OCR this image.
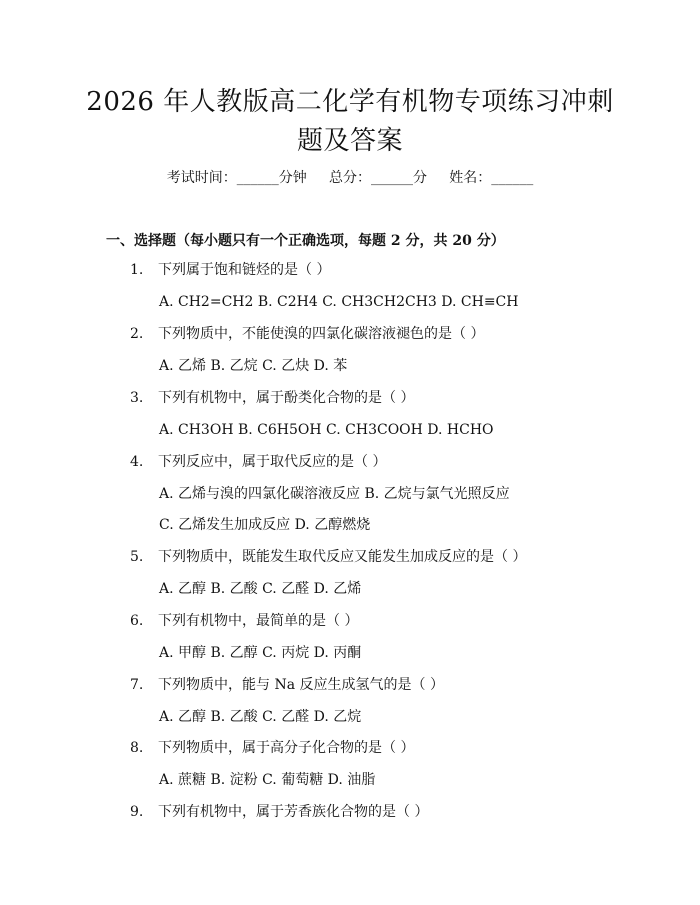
2026 年人教版高二化学有机物专项练习冲刺
题及答案
考试时间：______分钟     总分：______分     姓名：______
一、选择题（每小题只有一个正确选项，每题 2 分，共 20 分）
1. 下列属于饱和链烃的是（ ）
A. CH2=CH2 B. C2H4 C. CH3CH2CH3 D. CH≡CH
2. 下列物质中，不能使溴的四氯化碳溶液褪色的是（ ）
A. 乙烯 B. 乙烷 C. 乙炔 D. 苯
3. 下列有机物中，属于酚类化合物的是（ ）
A. CH3OH B. C6H5OH C. CH3COOH D. HCHO
4. 下列反应中，属于取代反应的是（ ）
A. 乙烯与溴的四氯化碳溶液反应 B. 乙烷与氯气光照反应
C. 乙烯发生加成反应 D. 乙醇燃烧
5. 下列物质中，既能发生取代反应又能发生加成反应的是（ ）
A. 乙醇 B. 乙酸 C. 乙醛 D. 乙烯
6. 下列有机物中，最简单的是（ ）
A. 甲醇 B. 乙醇 C. 丙烷 D. 丙酮
7. 下列物质中，能与 Na 反应生成氢气的是（ ）
A. 乙醇 B. 乙酸 C. 乙醛 D. 乙烷
8. 下列物质中，属于高分子化合物的是（ ）
A. 蔗糖 B. 淀粉 C. 葡萄糖 D. 油脂
9. 下列有机物中，属于芳香族化合物的是（ ）
